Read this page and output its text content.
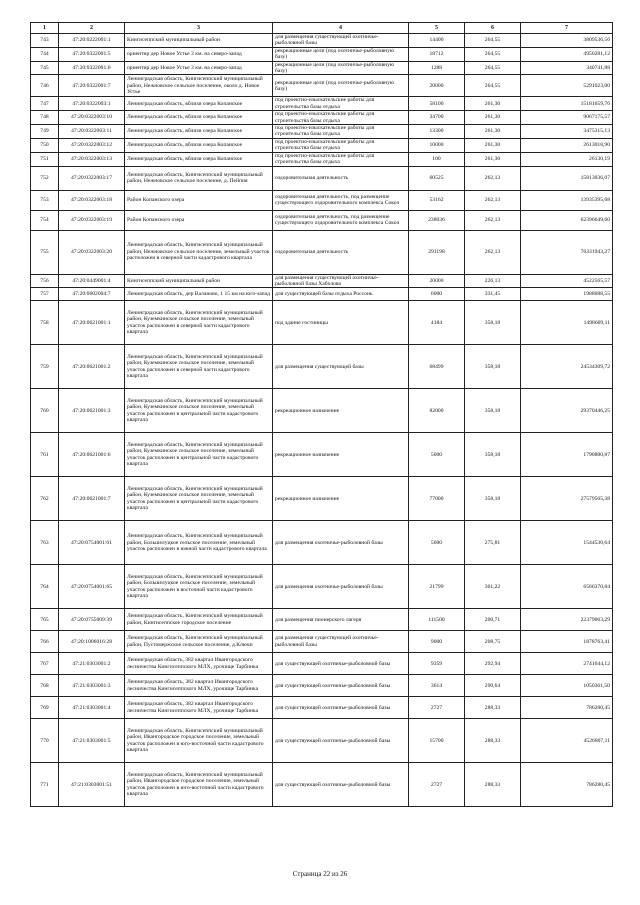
1	2	3	4	5	6	7
743	47:20:0222001:1	Кингисеппский муниципальный район	для размещения существующей охотничье-рыболовной базы	14400	264,55	3809536,56
744	47:20:0322001:5	ориентир дер Новое Устье 3 км. на северо-запад	рекреационные цели (под охотничье-рыболовную базу)	18712	264,55	4950281,12
745	47:20:0322001:6	ориентир дер Новое Устье 3 км. на северо-запад	рекреационные цели (под охотничье-рыболовную базу)	1288	264,55	340741,88
746	47:20:0322001:7	Ленинградская область, Кингисеппский муниципальный район, Нежновское сельское поселение, около д. Новое Устье	рекреационные цели (под охотничье-рыболовную базу)	20000	264,55	5291023,00
747	47:20:0322003:1	Ленинградская область, вблизи озера Копанское	под проектно-изыскательские работы для строительства базы отдыха	58100	261,30	15181659,76
748	47:20:0322003:10	Ленинградская область, вблизи озера Копанское	под проектно-изыскательские работы для строительства базы отдыха	34700	261,30	9067175,57
749	47:20:0322003:11	Ленинградская область, вблизи озера Копанское	под проектно-изыскательские работы для строительства базы отдыха	13300	261,30	3475315,13
750	47:20:0322003:12	Ленинградская область, вблизи озера Копанское	под проектно-изыскательские работы для строительства базы отдыха	10000	261,30	2613018,90
751	47:20:0322003:13	Ленинградская область, вблизи озера Копанское	под проектно-изыскательские работы для строительства базы отдыха	100	261,30	26130,19
752	47:20:0322003:17	Ленинградская область, Кингисеппский муниципальный район, Нежновское сельское поселение, д. Пейпия	оздоровительная деятельность	60525	262,13	15813036,07
753	47:20:0322003:18	Район Копанского озера	оздоровительная деятельность, под размещение существующего оздоровительного комплекса Сокол	53162	262,13	13935395,68
754	47:20:0322003:19	Район Копанского озера	оздоровительная деятельность, под размещение существующего оздоровительного комплекса Сокол	238036	262,13	62396649,60
755	47:20:0322003:20	Ленинградская область, Кингисеппский муниципальный район, Нежновское сельское поселение, земельный участок расположен в северной части кадастрового квартала	оздоровительная деятельность	291198	262,13	76331943,27
756	47:20:0449001:4	Кингисеппский муниципальный район	для размещения существующей охотничье-рыболовной базы Хаболово	20000	226,13	4522565,57
757	47:20:0602004:7	Ленинградская область, дер Валаново, 1 15 км на юго-запад	для существующей базы отдыха Россонь	6000	331,45	1988688,55
758	47:20:0621001:1	Ленинградская область, Кингисеппский муниципальный район, Куземкинское сельское поселение, земельный участок расположен в северной части кадастрового квартала	под здание гостиницы	4184	358,18	1498609,11
759	47:20:0621001:2	Ленинградская область, Кингисеппский муниципальный район, Куземкинское сельское поселение, земельный участок расположен в северной части кадастрового квартала	для размещения существующей базы	68499	358,18	24534309,72
760	47:20:0621001:3	Ленинградская область, Кингисеппский муниципальный район, Куземкинское сельское поселение, земельный участок расположен в центральной части кадастрового квартала	рекреационное назначение	82000	358,18	29370446,25
761	47:20:0621001:6	Ленинградская область, Кингисеппский муниципальный район, Куземкинское сельское поселение, земельный участок расположен в центральной части кадастрового квартала	рекреационное назначение	5000	358,18	1790880,87
762	47:20:0621001:7	Ленинградская область, Кингисеппский муниципальный район, Куземкинское сельское поселение, земельный участок расположен в центральной части кадастрового квартала	рекреационное назначение	77000	358,18	27579565,38
763	47:20:0754001:61	Ленинградская область, Кингисеппский муниципальный район, Большелуцкое сельское поселение, земельный участок расположен в южной части кадастрового квартала	для размещения охотничье-рыболовной базы	5600	275,81	1544530,64
764	47:20:0754001:65	Ленинградская область, Кингисеппский муниципальный район, Большелуцкое сельское поселение, земельный участок расположен в восточной части кадастрового квартала	для размещения охотничье-рыболовной базы	21799	301,22	6566370,84
765	47:20:0755009:39	Ленинградская область, Кингисеппский муниципальный район, Кингисеппское городское поселение	для размещения пионерского лагеря	111500	200,71	22379063,29
766	47:20:1006016:28	Ленинградская область, Кингисеппский муниципальный район, Пустомержское сельское поселение, д.Ключи	для размещения существующей охотничье-рыболовной базы	9000	208,75	1878763,41
767	47:21:0303001:2	Ленинградская область, 382 квартал Ивангородского лесничества Кингисеппского МЛХ, урочище Тарбинка	для существующей охотничье-рыболовной базы	9359	292,94	2741644,12
768	47:21:0303001:3	Ленинградская область, 382 квартал Ивангородского лесничества Кингисеппского МЛХ, урочище Тарбинка	для существующей охотничье-рыболовной базы	3614	290,64	1050361,50
769	47:21:0303001:4	Ленинградская область, 382 квартал Ивангородского лесничества Кингисеппского МЛХ, урочище Тарбинка	для существующей охотничье-рыболовной базы	2727	288,33	786280,45
770	47:21:0303001:5	Ленинградская область, Кингисеппский муниципальный район, Ивангородское городское поселение, земельный участок расположен в юго-восточной части кадастрового квартала	для существующей охотничье-рыболовной базы	15700	288,33	4526807,11
771	47:21:0303001:51	Ленинградская область, Кингисеппский муниципальный район, Ивангородское городское поселение, земельный участок расположен в юго-восточной части кадастрового квартала	для существующей охотничье-рыболовной базы	2727	288,33	786280,45
Страница 22 из 26
